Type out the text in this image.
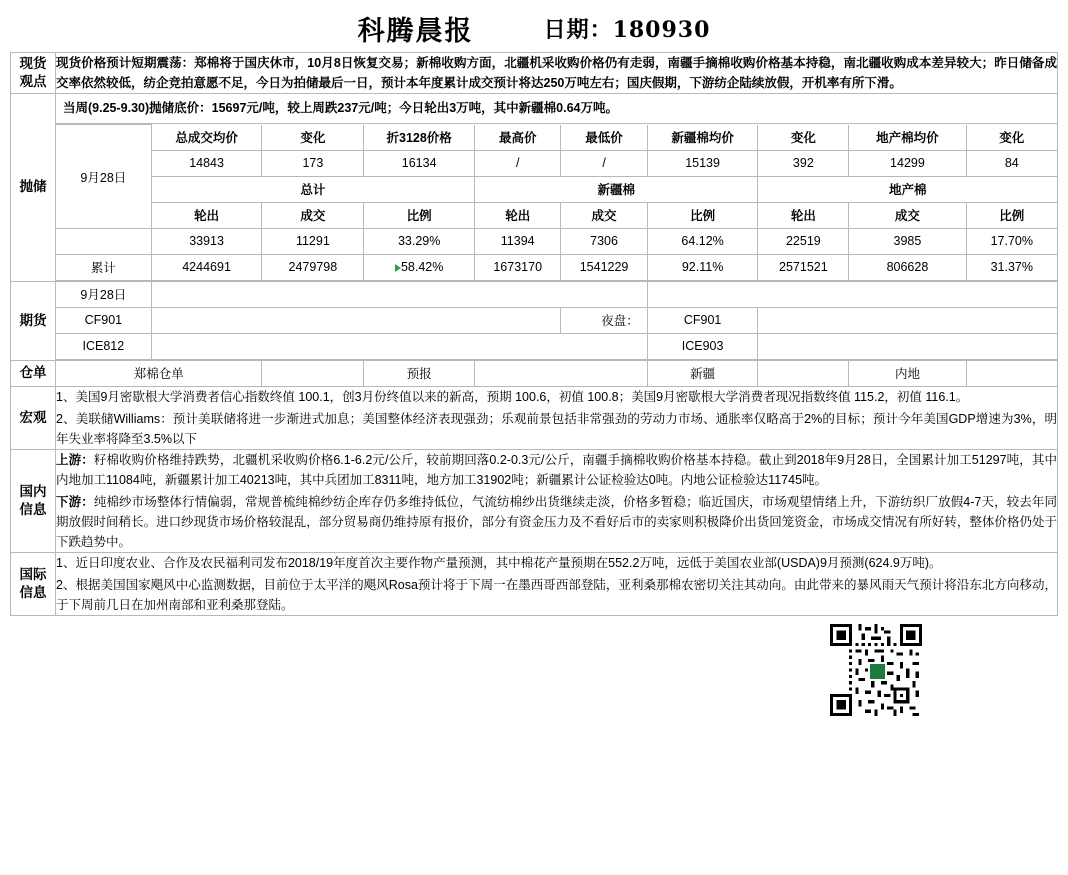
科腾晨报	日期：180930
现货
观点

现货价格预计短期震荡：郑棉将于国庆休市，10月8日恢复交易；新棉收购方面，北疆机采收购价格仍有走弱，南疆手摘棉收购价格基本持稳，南北疆收购成本差异较大；昨日储备成交率依然较低，纺企竞拍意愿不足，今日为拍储最后一日，预计本年度累计成交预计将达250万吨左右；国庆假期，下游纺企陆续放假，开机率有所下滑。

抛储	
当周(9.25-9.30)抛储底价：15697元/吨，较上周跌237元/吨；今日轮出3万吨，其中新疆棉0.64万吨。
9月28日	总成交均价	变化	折3128价格	最高价	最低价	新疆棉均价	变化	地产棉均价	变化
14843	173	16134	/	/	15139	392	14299	84
总计	新疆棉	地产棉
轮出	成交	比例	轮出	成交	比例	轮出	成交	比例
	33913	11291	33.29%	11394	7306	64.12%	22519	3985	17.70%
累计	4244691	2479798	58.42%	1673170	1541229	92.11%	2571521	806628	31.37%

期货	
9月28日		
CF901		夜盘：	CF901	
ICE812		ICE903	

仓单		郑棉仓单		预报		新疆		内地	

宏观	

1、美国9月密歇根大学消费者信心指数终值 100.1，创3月份终值以来的新高，预期 100.6，初值 100.8；美国9月密歇根大学消费者现况指数终值 115.2，初值 116.1。

2、美联储Williams：预计美联储将进一步渐进式加息；美国整体经济表现强劲；乐观前景包括非常强劲的劳动力市场、通胀率仅略高于2%的目标；预计今年美国GDP增速为3%，明年失业率将降至3.5%以下

国内
信息

上游：籽棉收购价格维持跌势，北疆机采收购价格6.1-6.2元/公斤，较前期回落0.2-0.3元/公斤，南疆手摘棉收购价格基本持稳。截止到2018年9月28日，全国累计加工51297吨，其中内地加工11084吨，新疆累计加工40213吨，其中兵团加工8311吨，地方加工31902吨；新疆累计公证检验达0吨。内地公证检验达11745吨。

下游：纯棉纱市场整体行情偏弱，常规普梳纯棉纱纺企库存仍多维持低位，气流纺棉纱出货继续走淡，价格多暂稳；临近国庆，市场观望情绪上升，下游纺织厂放假4-7天，较去年同期放假时间稍长。进口纱现货市场价格较混乱，部分贸易商仍维持原有报价，部分有资金压力及不看好后市的卖家则积极降价出货回笼资金，市场成交情况有所好转，整体价格仍处于下跌趋势中。

国际
信息

1、近日印度农业、合作及农民福利司发布2018/19年度首次主要作物产量预测，其中棉花产量预期在552.2万吨，远低于美国农业部(USDA)9月预测(624.9万吨)。

2、根据美国国家飓风中心监测数据，目前位于太平洋的飓风Rosa预计将于下周一在墨西哥西部登陆，亚利桑那棉农密切关注其动向。由此带来的暴风雨天气预计将沿东北方向移动，于下周前几日在加州南部和亚利桑那登陆。
